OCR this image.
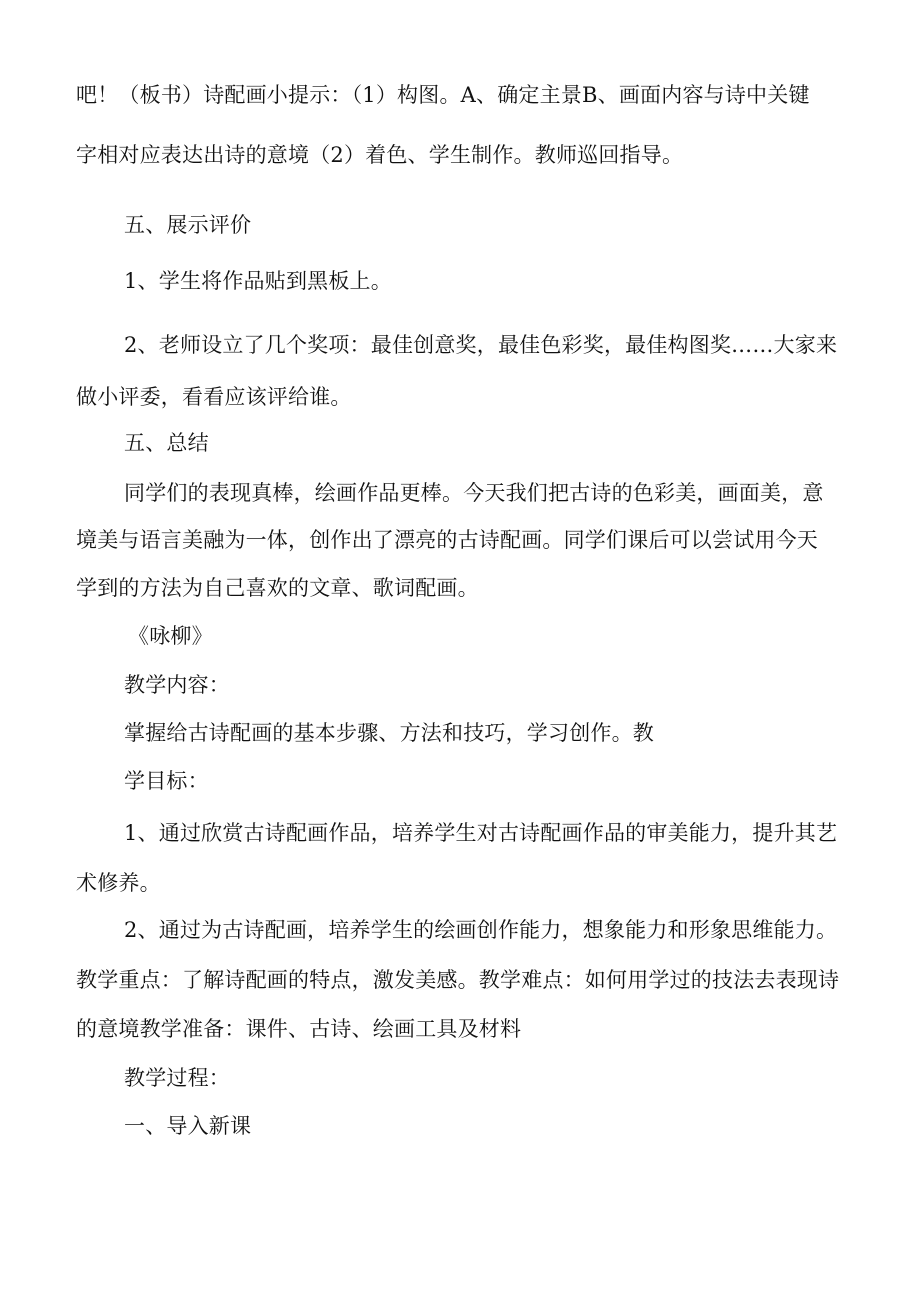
吧！（板书）诗配画小提示：（1）构图。A、确定主景B、画面内容与诗中关键
字相对应表达出诗的意境（2）着色、学生制作。教师巡回指导。
五、展示评价
1、学生将作品贴到黑板上。
2、老师设立了几个奖项：最佳创意奖，最佳色彩奖，最佳构图奖……大家来
做小评委，看看应该评给谁。
五、总结
同学们的表现真棒，绘画作品更棒。今天我们把古诗的色彩美，画面美，意
境美与语言美融为一体，创作出了漂亮的古诗配画。同学们课后可以尝试用今天
学到的方法为自己喜欢的文章、歌词配画。
《咏柳》
教学内容：
掌握给古诗配画的基本步骤、方法和技巧，学习创作。教
学目标：
1、通过欣赏古诗配画作品，培养学生对古诗配画作品的审美能力，提升其艺
术修养。
2、通过为古诗配画，培养学生的绘画创作能力，想象能力和形象思维能力。
教学重点：了解诗配画的特点，激发美感。教学难点：如何用学过的技法去表现诗
的意境教学准备：课件、古诗、绘画工具及材料
教学过程：
一、导入新课
